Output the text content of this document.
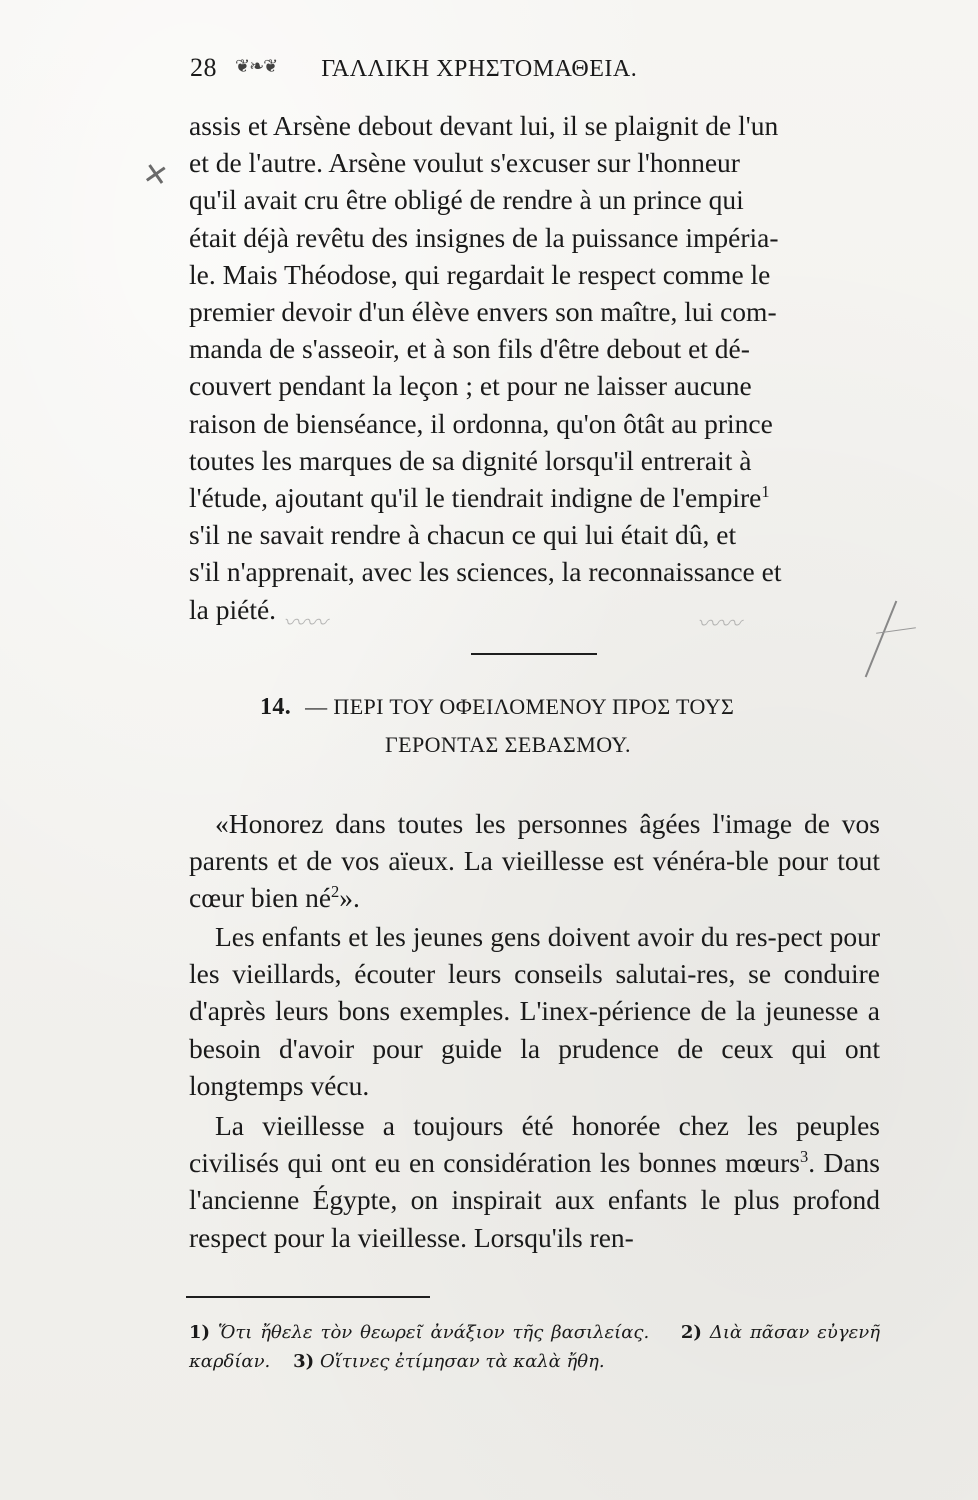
28 ❦❧❦ ΓΑΛΛΙΚΗ ΧΡΗΣΤΟΜΑΘΕΙΑ.

assis et Arsène debout devant lui, il se plaignit de l'un

et de l'autre. Arsène voulut s'excuser sur l'honneur

qu'il avait cru être obligé de rendre à un prince qui

était déjà revêtu des insignes de la puissance impéria-

le. Mais Théodose, qui regardait le respect comme le

premier devoir d'un élève envers son maître, lui com-

manda de s'asseoir, et à son fils d'être debout et dé-

couvert pendant la leçon ; et pour ne laisser aucune

raison de bienséance, il ordonna, qu'on ôtât au prince

toutes les marques de sa dignité lorsqu'il entrerait à

l'étude, ajoutant qu'il le tiendrait indigne de l'empire$^1$

s'il ne savait rendre à chacun ce qui lui était dû, et

s'il n'apprenait, avec les sciences, la reconnaissance et

la piété.

14. — ΠΕΡΙ ΤΟΥ ΟΦΕΙΛΟΜΕΝΟΥ ΠΡΟΣ ΤΟΥΣ
ΓΕΡΟΝΤΑΣ ΣΕΒΑΣΜΟΥ.

«Honorez dans toutes les personnes âgées l'image de vos parents et de vos aïeux. La vieillesse est vénéra-ble pour tout cœur bien $né^2$».

Les enfants et les jeunes gens doivent avoir du res-pect pour les vieillards, écouter leurs conseils salutai-res, se conduire d'après leurs bons exemples. L'inex-périence de la jeunesse a besoin d'avoir pour guide la prudence de ceux qui ont longtemps vécu.

La vieillesse a toujours été honorée chez les peuples civilisés qui ont eu en considération les bonnes mœurs$^3$. Dans l'ancienne Égypte, on inspirait aux enfants le plus profond respect pour la vieillesse. Lorsqu'ils ren-

1) Ὅτι ἤθελε τὸν θεωρεῖ ἀνάξιον τῆς βασιλείας. 2) Διὰ πᾶσαν εὐγενῆ καρδίαν. 3) Οἵτινες ἐτίμησαν τὰ καλὰ ἤθη.
✕
〰〰	〰〰
